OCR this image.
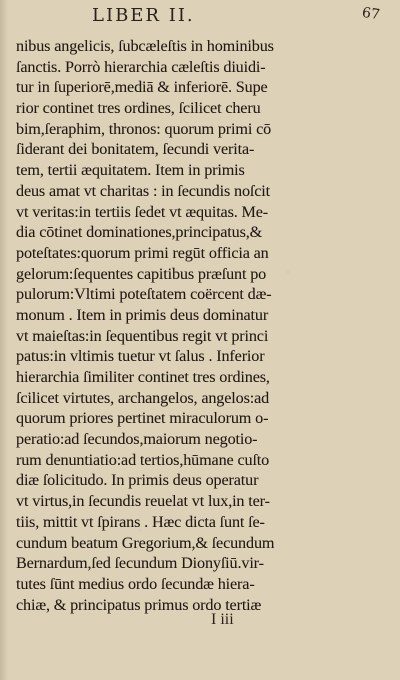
LIBER II.	67
nibus angelicis, ſubcæleſtis in hominibus
ſanctis. Porrò hierarchia cæleſtis diuidi-
tur in ſuperiorē,mediā & inferiorē. Supe
rior continet tres ordines, ſcilicet cheru
bim,ſeraphim, thronos: quorum primi cō
ſiderant dei bonitatem, ſecundi verita-
tem, tertii æquitatem. Item in primis
deus amat vt charitas : in ſecundis noſcit
vt veritas:in tertiis ſedet vt æquitas. Me-
dia cōtinet dominationes,principatus,&
poteſtates:quorum primi regūt officia an
gelorum:ſequentes capitibus præſunt po
pulorum:Vltimi poteſtatem coërcent dæ-
monum . Item in primis deus dominatur
vt maieſtas:in ſequentibus regit vt princi
patus:in vltimis tuetur vt ſalus . Inferior
hierarchia ſimiliter continet tres ordines,
ſcilicet virtutes, archangelos, angelos:ad
quorum priores pertinet miraculorum o-
peratio:ad ſecundos,maiorum negotio-
rum denuntiatio:ad tertios,hūmane cuſto
diæ ſolicitudo. In primis deus operatur
vt virtus,in ſecundis reuelat vt lux,in ter-
tiis, mittit vt ſpirans . Hæc dicta ſunt ſe-
cundum beatum Gregorium,& ſecundum
Bernardum,ſed ſecundum Dionyſiū.vir-
tutes ſūnt medius ordo ſecundæ hiera-
chiæ, & principatus primus ordo tertiæ
I iii
